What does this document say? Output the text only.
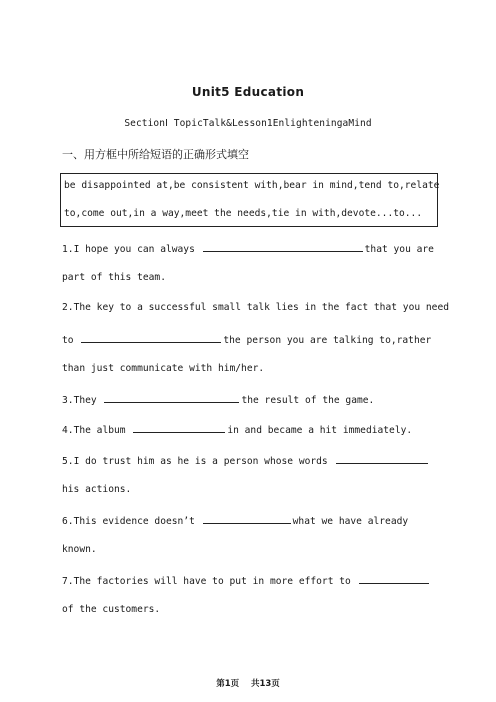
Unit5 Education
SectionⅠ TopicTalk&Lesson1EnlighteningaMind
一、用方框中所给短语的正确形式填空
be disappointed at,be consistent with,bear in mind,tend to,relate
to,come out,in a way,meet the needs,tie in with,devote...to...
1.I hope you can always	that you are
part of this team.
2.The key to a successful small talk lies in the fact that you need
to	the person you are talking to,rather
than just communicate with him/her.
3.They	the result of the game.
4.The album	in and became a hit immediately.
5.I do trust him as he is a person whose words
his actions.
6.This evidence doesn’t	what we have already
known.
7.The factories will have to put in more effort to
of the customers.
第1页 共13页
